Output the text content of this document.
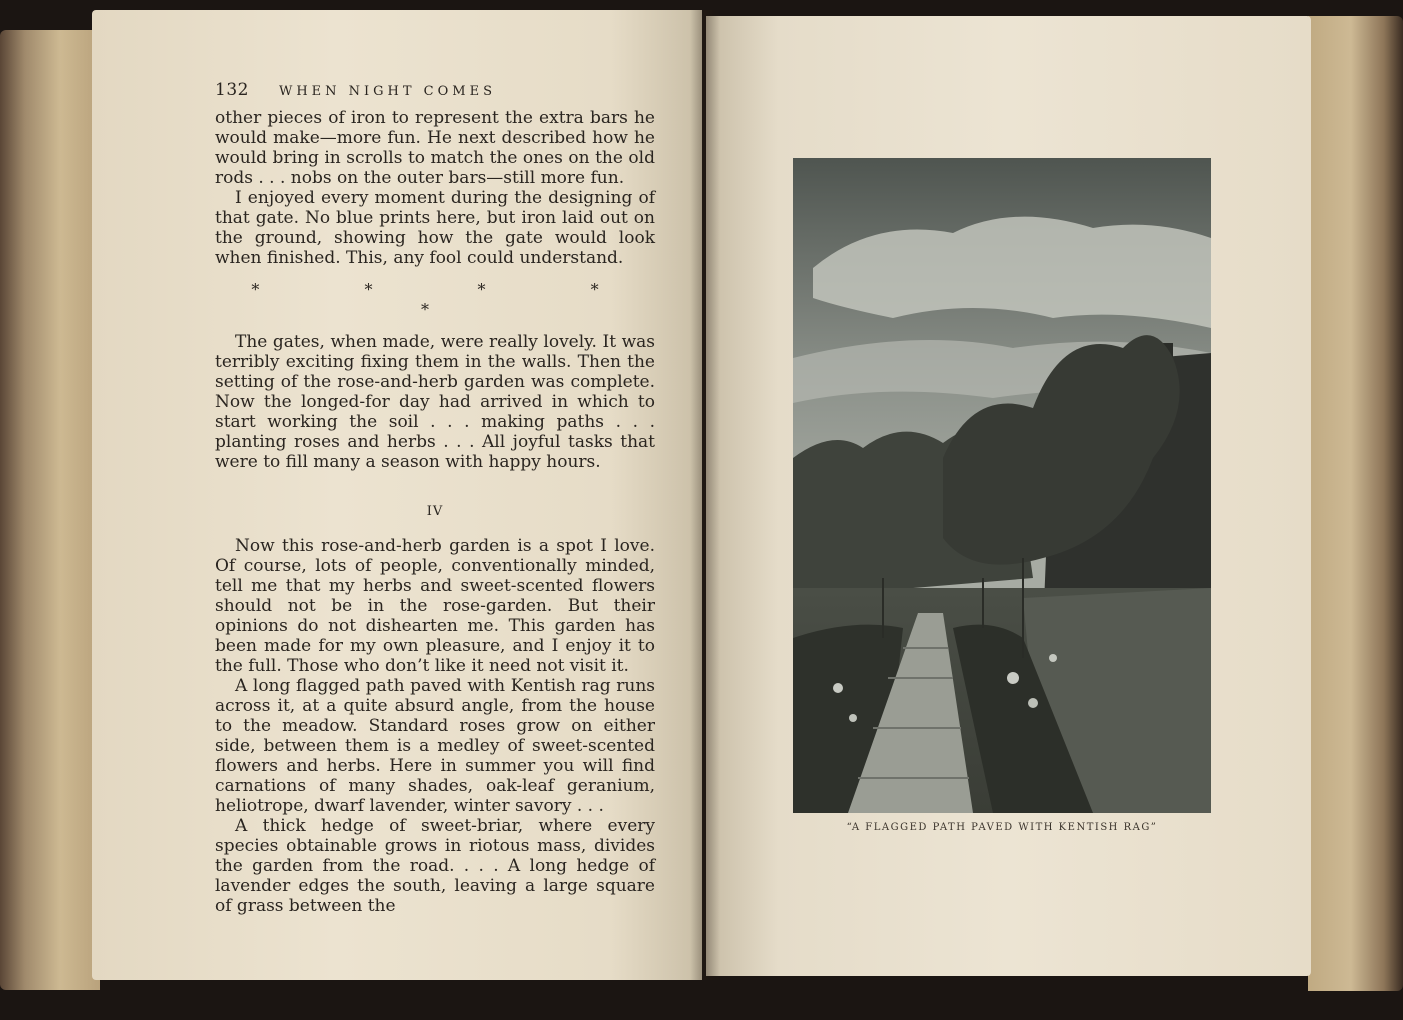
132 WHEN NIGHT COMES

other pieces of iron to represent the extra bars he would make—more fun. He next described how he would bring in scrolls to match the ones on the old rods . . . nobs on the outer bars—still more fun.

I enjoyed every moment during the designing of that gate. No blue prints here, but iron laid out on the ground, showing how the gate would look when finished. This, any fool could understand.

* * * * *

The gates, when made, were really lovely. It was terribly exciting fixing them in the walls. Then the setting of the rose-and-herb garden was complete. Now the longed-for day had arrived in which to start working the soil . . . making paths . . . planting roses and herbs . . . All joyful tasks that were to fill many a season with happy hours.

IV

Now this rose-and-herb garden is a spot I love. Of course, lots of people, conventionally minded, tell me that my herbs and sweet-scented flowers should not be in the rose-garden. But their opinions do not dishearten me. This garden has been made for my own pleasure, and I enjoy it to the full. Those who don’t like it need not visit it.

A long flagged path paved with Kentish rag runs across it, at a quite absurd angle, from the house to the meadow. Standard roses grow on either side, between them is a medley of sweet-scented flowers and herbs. Here in summer you will find carnations of many shades, oak-leaf geranium, heliotrope, dwarf lavender, winter savory . . .

A thick hedge of sweet-briar, where every species obtainable grows in riotous mass, divides the garden from the road. . . . A long hedge of lavender edges the south, leaving a large square of grass between the

“A FLAGGED PATH PAVED WITH KENTISH RAG”
